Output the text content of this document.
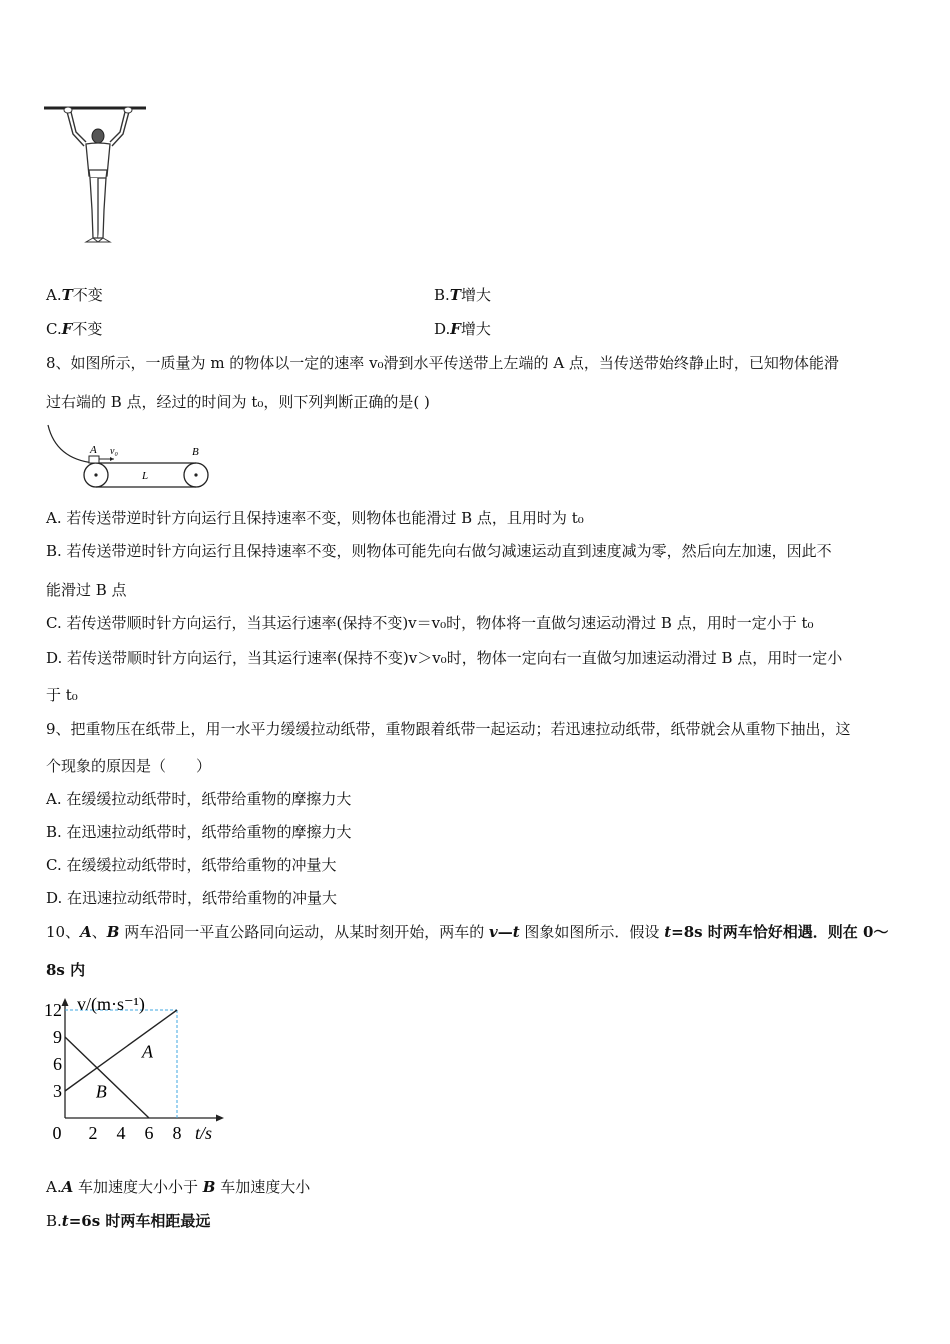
A.T不变	B.T增大
C.F不变	D.F增大
8、如图所示，一质量为 m 的物体以一定的速率 v₀滑到水平传送带上左端的 A 点，当传送带始终静止时，已知物体能滑
过右端的 B 点，经过的时间为 t₀，则下列判断正确的是( )
A v₀	B
L
A. 若传送带逆时针方向运行且保持速率不变，则物体也能滑过 B 点，且用时为 t₀
B. 若传送带逆时针方向运行且保持速率不变，则物体可能先向右做匀减速运动直到速度减为零，然后向左加速，因此不
能滑过 B 点
C. 若传送带顺时针方向运行，当其运行速率(保持不变)v＝v₀时，物体将一直做匀速运动滑过 B 点，用时一定小于 t₀
D. 若传送带顺时针方向运行，当其运行速率(保持不变)v＞v₀时，物体一定向右一直做匀加速运动滑过 B 点，用时一定小
于 t₀
9、把重物压在纸带上，用一水平力缓缓拉动纸带，重物跟着纸带一起运动；若迅速拉动纸带，纸带就会从重物下抽出，这
个现象的原因是（　　）
A. 在缓缓拉动纸带时，纸带给重物的摩擦力大
B. 在迅速拉动纸带时，纸带给重物的摩擦力大
C. 在缓缓拉动纸带时，纸带给重物的冲量大
D. 在迅速拉动纸带时，纸带给重物的冲量大
10、A、B 两车沿同一平直公路同向运动，从某时刻开始，两车的 v—t 图象如图所示．假设 t=8s 时两车恰好相遇．则在 0～
8s 内
A
B
0 2 4 6 8
3
6
9
12
t/s
v/(m·s⁻¹)
A.A 车加速度大小小于 B 车加速度大小
B.t=6s 时两车相距最远
